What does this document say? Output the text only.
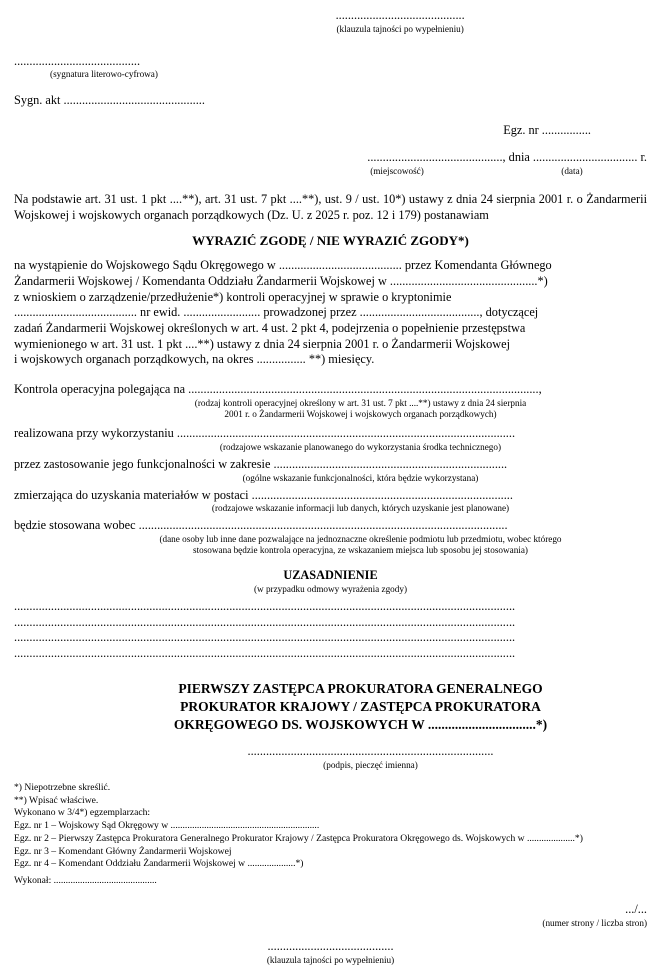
..........................................
(klauzula tajności po wypełnieniu)
.........................................
(sygnatura literowo-cyfrowa)
Sygn. akt ..............................................
Egz. nr ................
............................................, dnia .................................. r.
(miejscowość)	(data)
Na podstawie art. 31 ust. 1 pkt ....**), art. 31 ust. 7 pkt ....**), ust. 9 / ust. 10*) ustawy z dnia 24 sierpnia 2001 r. o Żandarmerii Wojskowej i wojskowych organach porządkowych (Dz. U. z 2025 r. poz. 12 i 179) postanawiam
WYRAZIĆ ZGODĘ / NIE WYRAZIĆ ZGODY*)
na wystąpienie do Wojskowego Sądu Okręgowego w ........................................ przez Komendanta Głównego
Żandarmerii Wojskowej / Komendanta Oddziału Żandarmerii Wojskowej w ................................................*)
z wnioskiem o zarządzenie/przedłużenie*) kontroli operacyjnej w sprawie o kryptonimie
........................................ nr ewid. ......................... prowadzonej przez ......................................., dotyczącej
zadań Żandarmerii Wojskowej określonych w art. 4 ust. 2 pkt 4, podejrzenia o popełnienie przestępstwa
wymienionego w art. 31 ust. 1 pkt ....**) ustawy z dnia 24 sierpnia 2001 r. o Żandarmerii Wojskowej
i wojskowych organach porządkowych, na okres ................ **) miesięcy.
Kontrola operacyjna polegająca na ..................................................................................................................,
(rodzaj kontroli operacyjnej określony w art. 31 ust. 7 pkt ....**) ustawy z dnia 24 sierpnia
2001 r. o Żandarmerii Wojskowej i wojskowych organach porządkowych)
realizowana przy wykorzystaniu ..............................................................................................................
(rodzajowe wskazanie planowanego do wykorzystania środka technicznego)
przez zastosowanie jego funkcjonalności w zakresie ............................................................................
(ogólne wskazanie funkcjonalności, która będzie wykorzystana)
zmierzająca do uzyskania materiałów w postaci .....................................................................................
(rodzajowe wskazanie informacji lub danych, których uzyskanie jest planowane)
będzie stosowana wobec ........................................................................................................................
(dane osoby lub inne dane pozwalające na jednoznaczne określenie podmiotu lub przedmiotu, wobec którego
stosowana będzie kontrola operacyjna, ze wskazaniem miejsca lub sposobu jej stosowania)
UZASADNIENIE
(w przypadku odmowy wyrażenia zgody)
...................................................................................................................................................................
...................................................................................................................................................................
...................................................................................................................................................................
...................................................................................................................................................................
PIERWSZY ZASTĘPCA PROKURATORA GENERALNEGO
PROKURATOR KRAJOWY / ZASTĘPCA PROKURATORA
OKRĘGOWEGO DS. WOJSKOWYCH W ................................*)
................................................................................
(podpis, pieczęć imienna)
*) Niepotrzebne skreślić.
**) Wpisać właściwe.
Wykonano w 3/4*) egzemplarzach:
Egz. nr 1 – Wojskowy Sąd Okręgowy w ..............................................................
Egz. nr 2 – Pierwszy Zastępca Prokuratora Generalnego Prokurator Krajowy / Zastępca Prokuratora Okręgowego ds. Wojskowych w ....................*)
Egz. nr 3 – Komendant Główny Żandarmerii Wojskowej
Egz. nr 4 – Komendant Oddziału Żandarmerii Wojskowej w ....................*)
Wykonał: ...........................................
.../...
(numer strony / liczba stron)
.........................................
(klauzula tajności po wypełnieniu)
